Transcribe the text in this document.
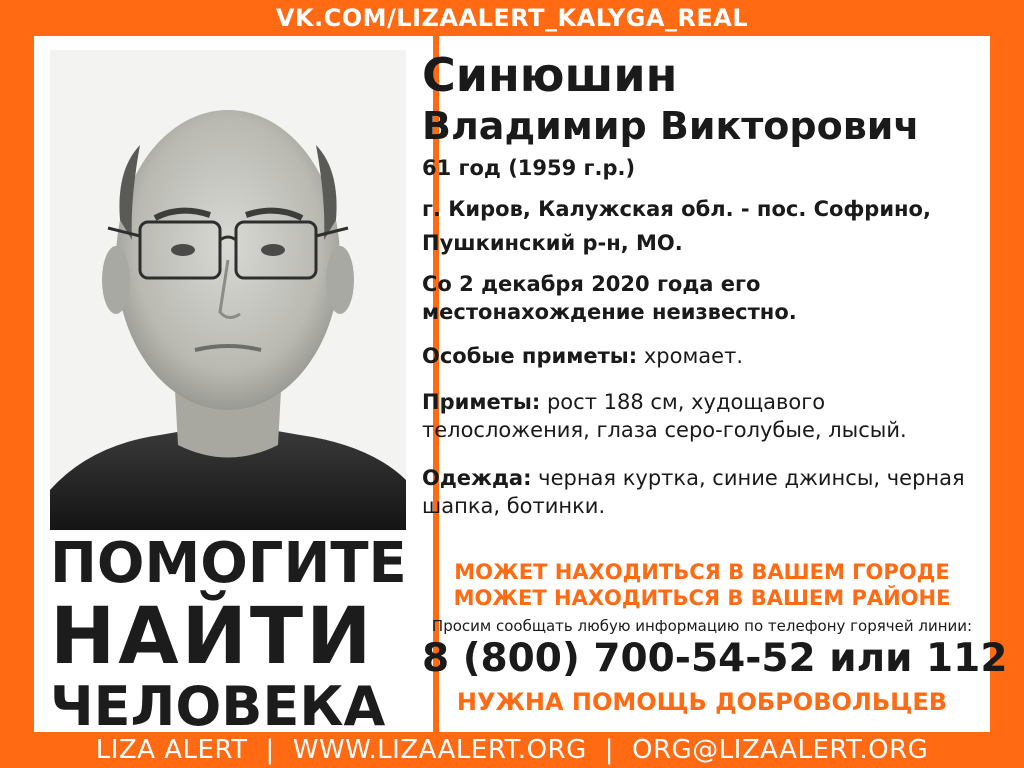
VK.COM/LIZAALERT_KALYGA_REAL
ПОМОГИТЕ
НАЙТИ
ЧЕЛОВЕКА
Синюшин
Владимир Викторович
61 год (1959 г.р.)
г. Киров, Калужская обл. - пос. Софрино, Пушкинский р-н, МО.
Со 2 декабря 2020 года его местонахождение неизвестно.
Особые приметы: хромает.
Приметы: рост 188 см, худощавого телосложения, глаза серо-голубые, лысый.
Одежда: черная куртка, синие джинсы, черная шапка, ботинки.
МОЖЕТ НАХОДИТЬСЯ В ВАШЕМ ГОРОДЕ
МОЖЕТ НАХОДИТЬСЯ В ВАШЕМ РАЙОНЕ
Просим сообщать любую информацию по телефону горячей линии:
8 (800) 700-54-52 или 112
НУЖНА ПОМОЩЬ ДОБРОВОЛЬЦЕВ
LIZA ALERT | WWW.LIZAALERT.ORG | ORG@LIZAALERT.ORG
